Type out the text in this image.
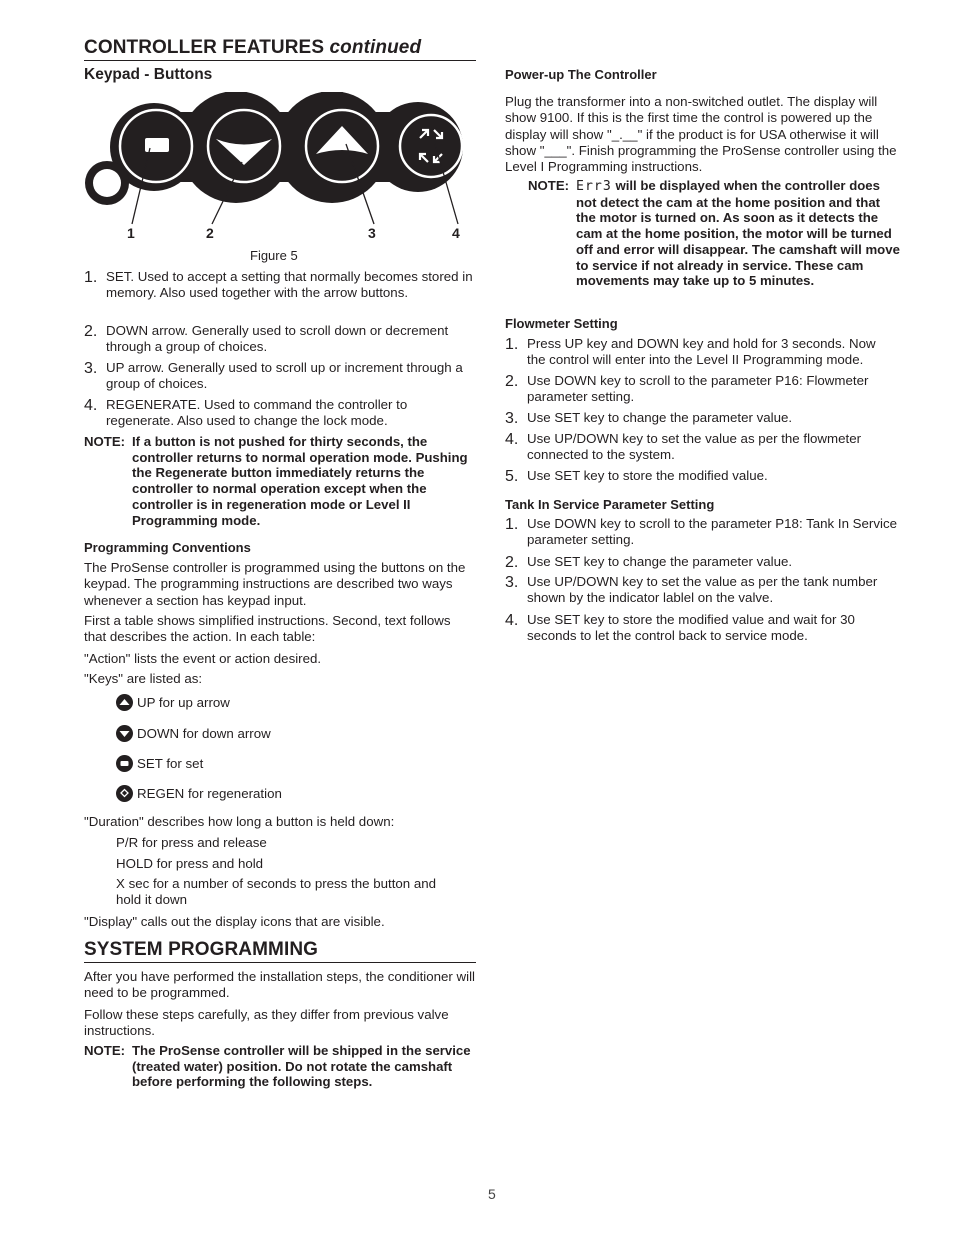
CONTROLLER FEATURES continued
Keypad - Buttons
1	2	3	4
Figure 5
1. SET. Used to accept a setting that normally becomes stored in memory. Also used together with the arrow buttons.

2. DOWN arrow. Generally used to scroll down or decrement through a group of choices.

3. UP arrow. Generally used to scroll up or increment through a group of choices.

4. REGENERATE. Used to command the controller to regenerate. Also used to change the lock mode.

NOTE: If a button is not pushed for thirty seconds, the controller returns to normal operation mode. Pushing the Regenerate button immediately returns the controller to normal operation except when the controller is in regeneration mode or Level II Programming mode.
Programming Conventions

The ProSense controller is programmed using the buttons on the keypad. The programming instructions are described two ways whenever a section has keypad input.

First a table shows simplified instructions. Second, text follows that describes the action. In each table:

"Action" lists the event or action desired.

"Keys" are listed as:

UP for up arrow
DOWN for down arrow
SET for set
REGEN for regeneration

"Duration" describes how long a button is held down:

P/R for press and release

HOLD for press and hold

X sec for a number of seconds to press the button and hold it down

"Display" calls out the display icons that are visible.

SYSTEM PROGRAMMING

After you have performed the installation steps, the conditioner will need to be programmed.

Follow these steps carefully, as they differ from previous valve instructions.

NOTE: The ProSense controller will be shipped in the service (treated water) position. Do not rotate the camshaft before performing the following steps.
Power-up The Controller

Plug the transformer into a non-switched outlet. The display will show 9100. If this is the first time the control is powered up the display will show "_.__" if the product is for USA otherwise it will show "___". Finish programming the ProSense controller using the Level I Programming instructions.

NOTE: Err3 will be displayed when the controller does not detect the cam at the home position and that the motor is turned on. As soon as it detects the cam at the home position, the motor will be turned off and error will disappear. The camshaft will move to service if not already in service. These cam movements may take up to 5 minutes.
Flowmeter Setting
1. Press UP key and DOWN key and hold for 3 seconds. Now the control will enter into the Level II Programming mode.

2. Use DOWN key to scroll to the parameter P16: Flowmeter parameter setting.

3. Use SET key to change the parameter value.

4. Use UP/DOWN key to set the value as per the flowmeter connected to the system.

5. Use SET key to store the modified value.

Tank In Service Parameter Setting
1. Use DOWN key to scroll to the parameter P18: Tank In Service parameter setting.

2. Use SET key to change the parameter value.

3. Use UP/DOWN key to set the value as per the tank number shown by the indicator lablel on the valve.

4. Use SET key to store the modified value and wait for 30 seconds to let the control back to service mode.

5
